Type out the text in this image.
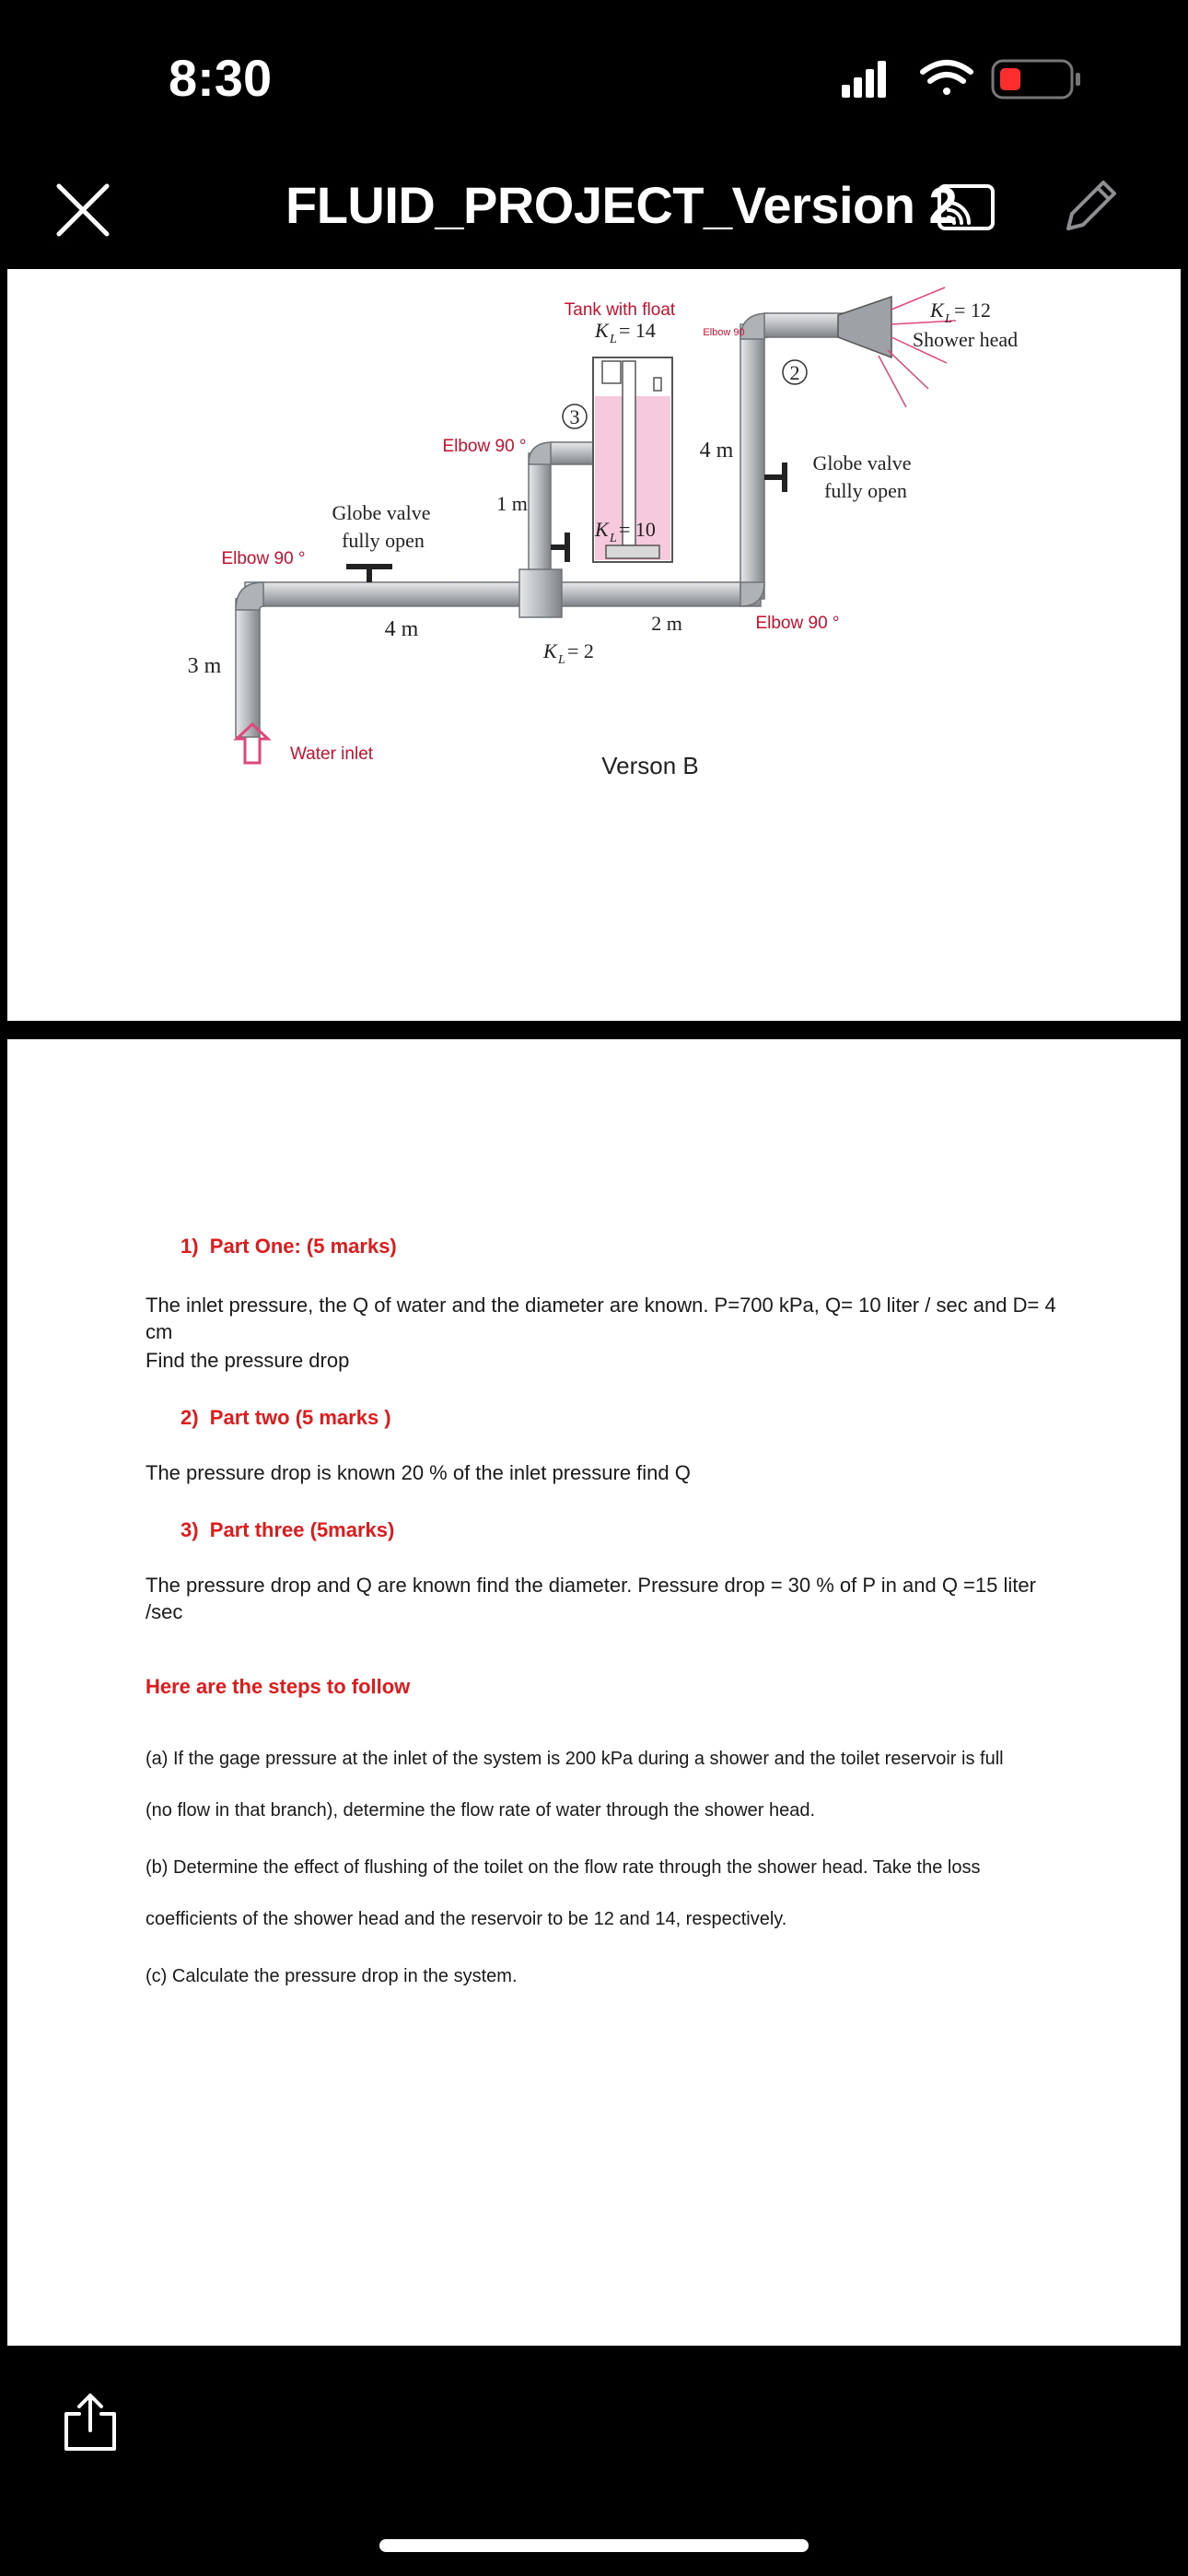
8:30
FLUID_PROJECT_Version 2
3
2
Tank with float
K L = 14	Elbow 90
K L = 12
Shower head
Elbow 90 °	4 m
Globe valve
fully open
1 m
K L = 10
Globe valve
fully open
Elbow 90 °
4 m	2 m	Elbow 90 °
K L = 2
3 m
Water inlet	Verson B
1) Part One: (5 marks)
The inlet pressure, the Q of water and the diameter are known. P=700 kPa, Q= 10 liter / sec and D= 4 cm
Find the pressure drop
2) Part two (5 marks )
The pressure drop is known 20 % of the inlet pressure find Q
3) Part three (5marks)
The pressure drop and Q are known find the diameter. Pressure drop = 30 % of P in and Q =15 liter /sec
Here are the steps to follow
(a) If the gage pressure at the inlet of the system is 200 kPa during a shower and the toilet reservoir is full
(no flow in that branch), determine the flow rate of water through the shower head.
(b) Determine the effect of flushing of the toilet on the flow rate through the shower head. Take the loss
coefficients of the shower head and the reservoir to be 12 and 14, respectively.
(c) Calculate the pressure drop in the system.
